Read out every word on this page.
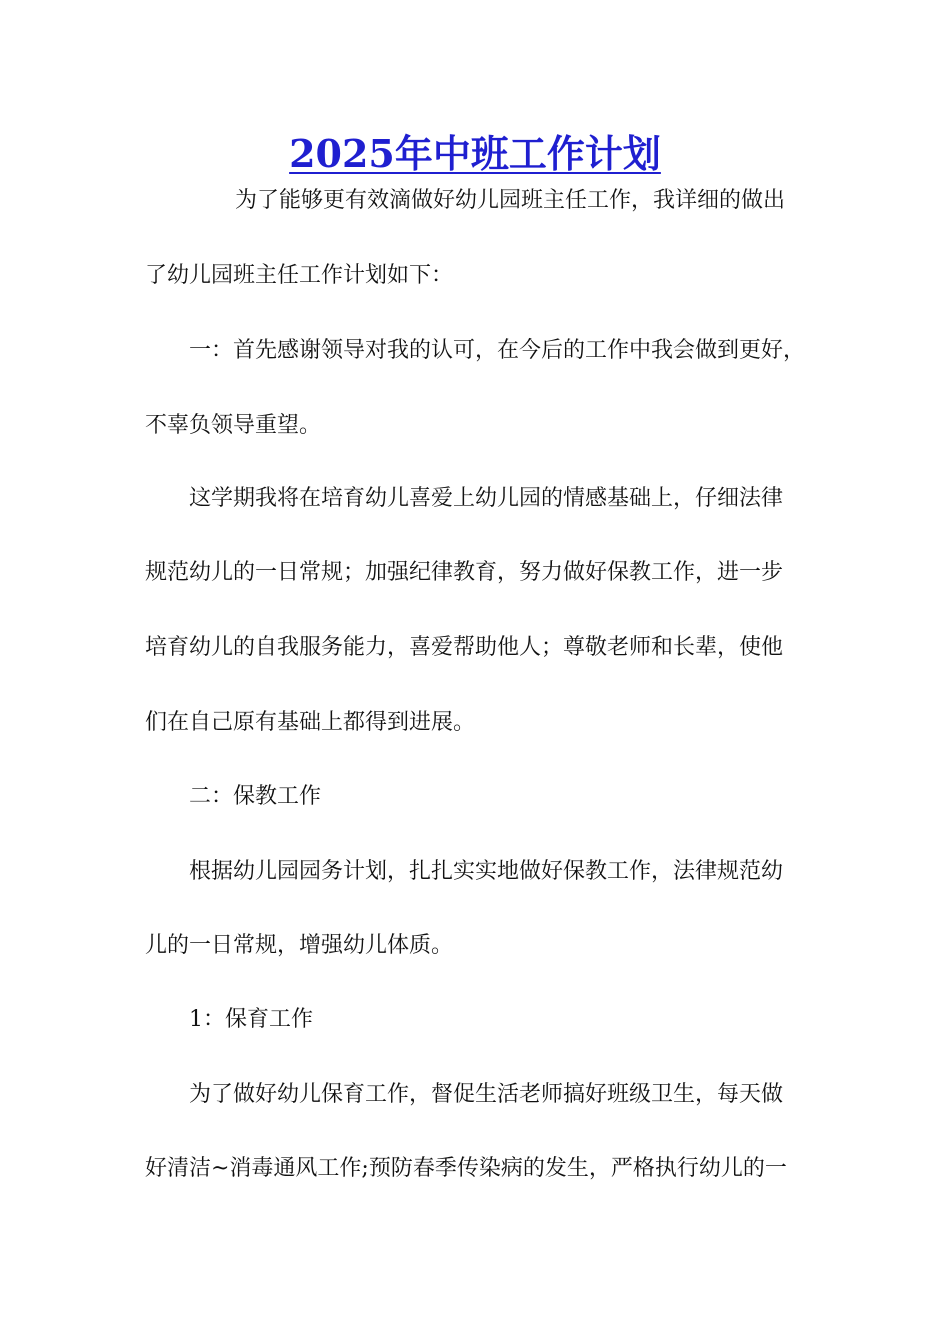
2025年中班工作计划

为了能够更有效滴做好幼儿园班主任工作，我详细的做出

了幼儿园班主任工作计划如下：

一：首先感谢领导对我的认可，在今后的工作中我会做到更好，

不辜负领导重望。

这学期我将在培育幼儿喜爱上幼儿园的情感基础上，仔细法律

规范幼儿的一日常规；加强纪律教育，努力做好保教工作，进一步

培育幼儿的自我服务能力，喜爱帮助他人；尊敬老师和长辈，使他

们在自己原有基础上都得到进展。

二：保教工作

根据幼儿园园务计划，扎扎实实地做好保教工作，法律规范幼

儿的一日常规，增强幼儿体质。

1：保育工作

为了做好幼儿保育工作，督促生活老师搞好班级卫生，每天做

好清洁~消毒通风工作;预防春季传染病的发生，严格执行幼儿的一
